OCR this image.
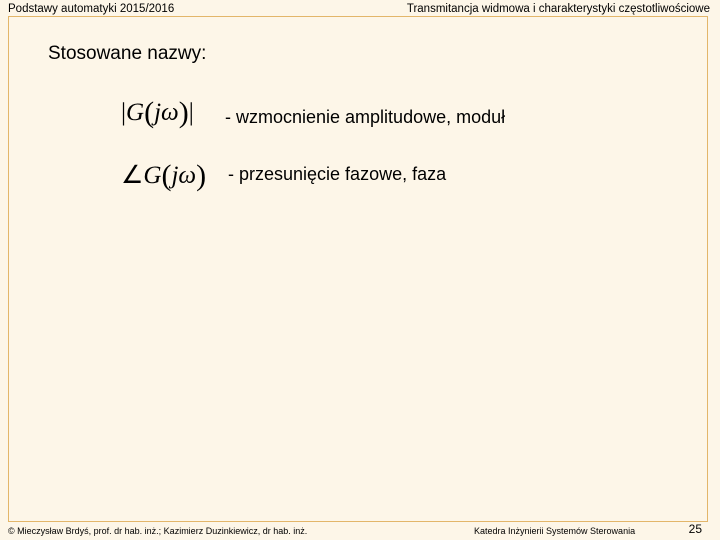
Podstawy automatyki 2015/2016	Transmitancja widmowa i charakterystyki częstotliwościowe
Stosowane nazwy:
|G(jω)| - wzmocnienie amplitudowe, moduł
∠G(jω) - przesunięcie fazowe, faza
© Mieczysław Brdyś, prof. dr hab. inż.; Kazimierz Duzinkiewicz, dr hab. inż.	Katedra Inżynierii Systemów Sterowania	25
